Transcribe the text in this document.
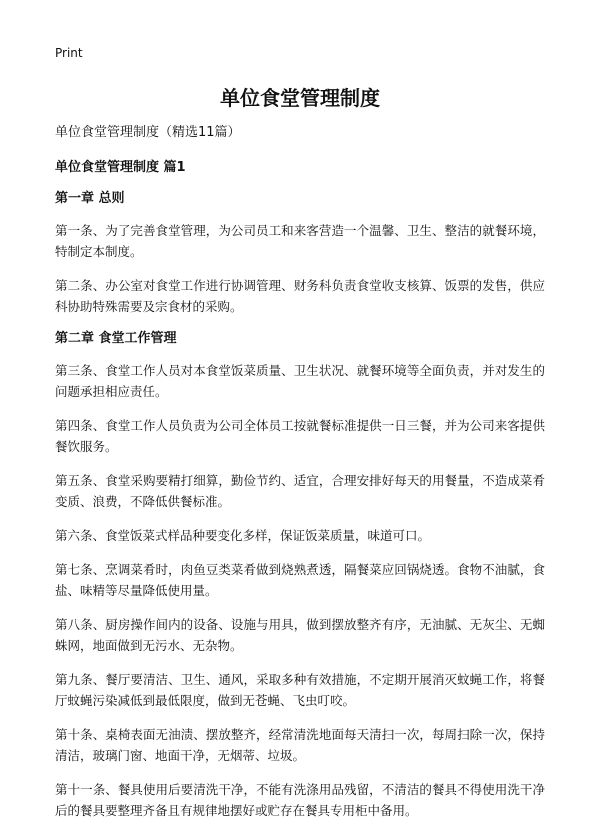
Print
单位食堂管理制度
单位食堂管理制度（精选11篇）
单位食堂管理制度 篇1
第一章 总则

第一条、为了完善食堂管理，为公司员工和来客营造一个温馨、卫生、整洁的就餐环境，特制定本制度。

第二条、办公室对食堂工作进行协调管理、财务科负责食堂收支核算、饭票的发售，供应科协助特殊需要及宗食材的采购。

第二章 食堂工作管理

第三条、食堂工作人员对本食堂饭菜质量、卫生状况、就餐环境等全面负责，并对发生的问题承担相应责任。

第四条、食堂工作人员负责为公司全体员工按就餐标准提供一日三餐，并为公司来客提供餐饮服务。

第五条、食堂采购要精打细算，勤俭节约、适宜，合理安排好每天的用餐量，不造成菜肴变质、浪费，不降低供餐标准。

第六条、食堂饭菜式样品种要变化多样，保证饭菜质量，味道可口。

第七条、烹调菜肴时，肉鱼豆类菜肴做到烧熟煮透，隔餐菜应回锅烧透。食物不油腻，食盐、味精等尽量降低使用量。

第八条、厨房操作间内的设备、设施与用具，做到摆放整齐有序，无油腻、无灰尘、无蜘蛛网，地面做到无污水、无杂物。

第九条、餐厅要清洁、卫生、通风，采取多种有效措施，不定期开展消灭蚊蝇工作，将餐厅蚊蝇污染减低到最低限度，做到无苍蝇、飞虫叮咬。

第十条、桌椅表面无油渍、摆放整齐，经常清洗地面每天清扫一次，每周扫除一次，保持清洁，玻璃门窗、地面干净，无烟蒂、垃圾。

第十一条、餐具使用后要清洗干净，不能有洗涤用品残留，不清洁的餐具不得使用洗干净后的餐具要整理齐备且有规律地摆好或贮存在餐具专用柜中备用。
